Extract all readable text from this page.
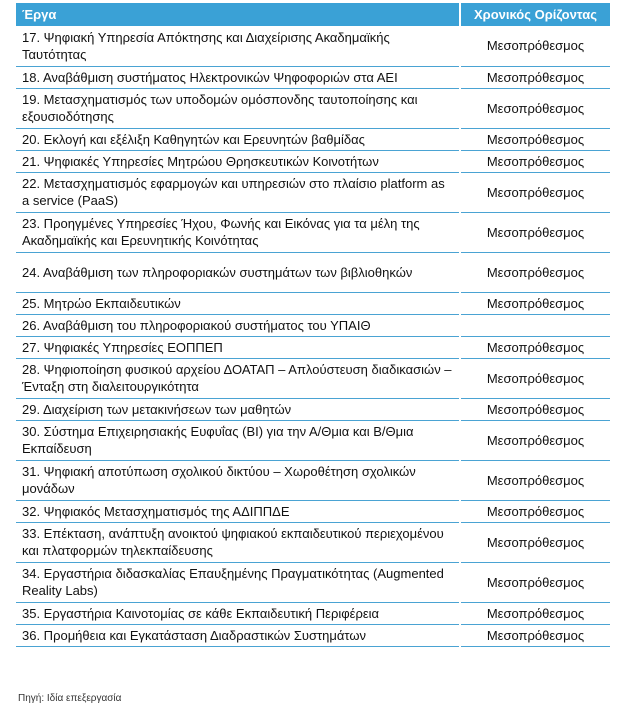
Έργα	Χρονικός Ορίζοντας
17. Ψηφιακή Υπηρεσία Απόκτησης και Διαχείρισης Ακαδημαϊκής Ταυτότητας	Μεσοπρόθεσμος
18. Αναβάθμιση συστήματος Ηλεκτρονικών Ψηφοφοριών στα ΑΕΙ	Μεσοπρόθεσμος
19. Μετασχηματισμός των υποδομών ομόσπονδης ταυτοποίησης και εξουσιοδότησης	Μεσοπρόθεσμος
20. Εκλογή και εξέλιξη Καθηγητών και Ερευνητών βαθμίδας	Μεσοπρόθεσμος
21. Ψηφιακές Υπηρεσίες Μητρώου Θρησκευτικών Κοινοτήτων	Μεσοπρόθεσμος
22. Μετασχηματισμός εφαρμογών και υπηρεσιών στο πλαίσιο platform as a service (PaaS)	Μεσοπρόθεσμος
23. Προηγμένες Υπηρεσίες Ήχου, Φωνής και Εικόνας για τα μέλη της Ακαδημαϊκής και Ερευνητικής Κοινότητας	Μεσοπρόθεσμος
24. Αναβάθμιση των πληροφοριακών συστημάτων των βιβλιοθηκών	Μεσοπρόθεσμος
25. Μητρώο Εκπαιδευτικών	Μεσοπρόθεσμος
26. Αναβάθμιση του πληροφοριακού συστήματος του ΥΠΑΙΘ	
27. Ψηφιακές Υπηρεσίες ΕΟΠΠΕΠ	Μεσοπρόθεσμος
28. Ψηφιοποίηση φυσικού αρχείου ΔΟΑΤΑΠ – Απλούστευση διαδικασιών – Ένταξη στη διαλειτουργικότητα	Μεσοπρόθεσμος
29. Διαχείριση των μετακινήσεων των μαθητών	Μεσοπρόθεσμος
30. Σύστημα Επιχειρησιακής Ευφυΐας (BI) για την Α/Θμια και Β/Θμια Εκπαίδευση	Μεσοπρόθεσμος
31. Ψηφιακή αποτύπωση σχολικού δικτύου – Χωροθέτηση σχολικών μονάδων	Μεσοπρόθεσμος
32. Ψηφιακός Μετασχηματισμός της ΑΔΙΠΠΔΕ	Μεσοπρόθεσμος
33. Επέκταση, ανάπτυξη ανοικτού ψηφιακού εκπαιδευτικού περιεχομένου και πλατφορμών τηλεκπαίδευσης	Μεσοπρόθεσμος
34. Εργαστήρια διδασκαλίας Επαυξημένης Πραγματικότητας (Augmented Reality Labs)	Μεσοπρόθεσμος
35. Εργαστήρια Καινοτομίας σε κάθε Εκπαιδευτική Περιφέρεια	Μεσοπρόθεσμος
36. Προμήθεια και Εγκατάσταση Διαδραστικών Συστημάτων	Μεσοπρόθεσμος
Πηγή: Ιδία επεξεργασία
